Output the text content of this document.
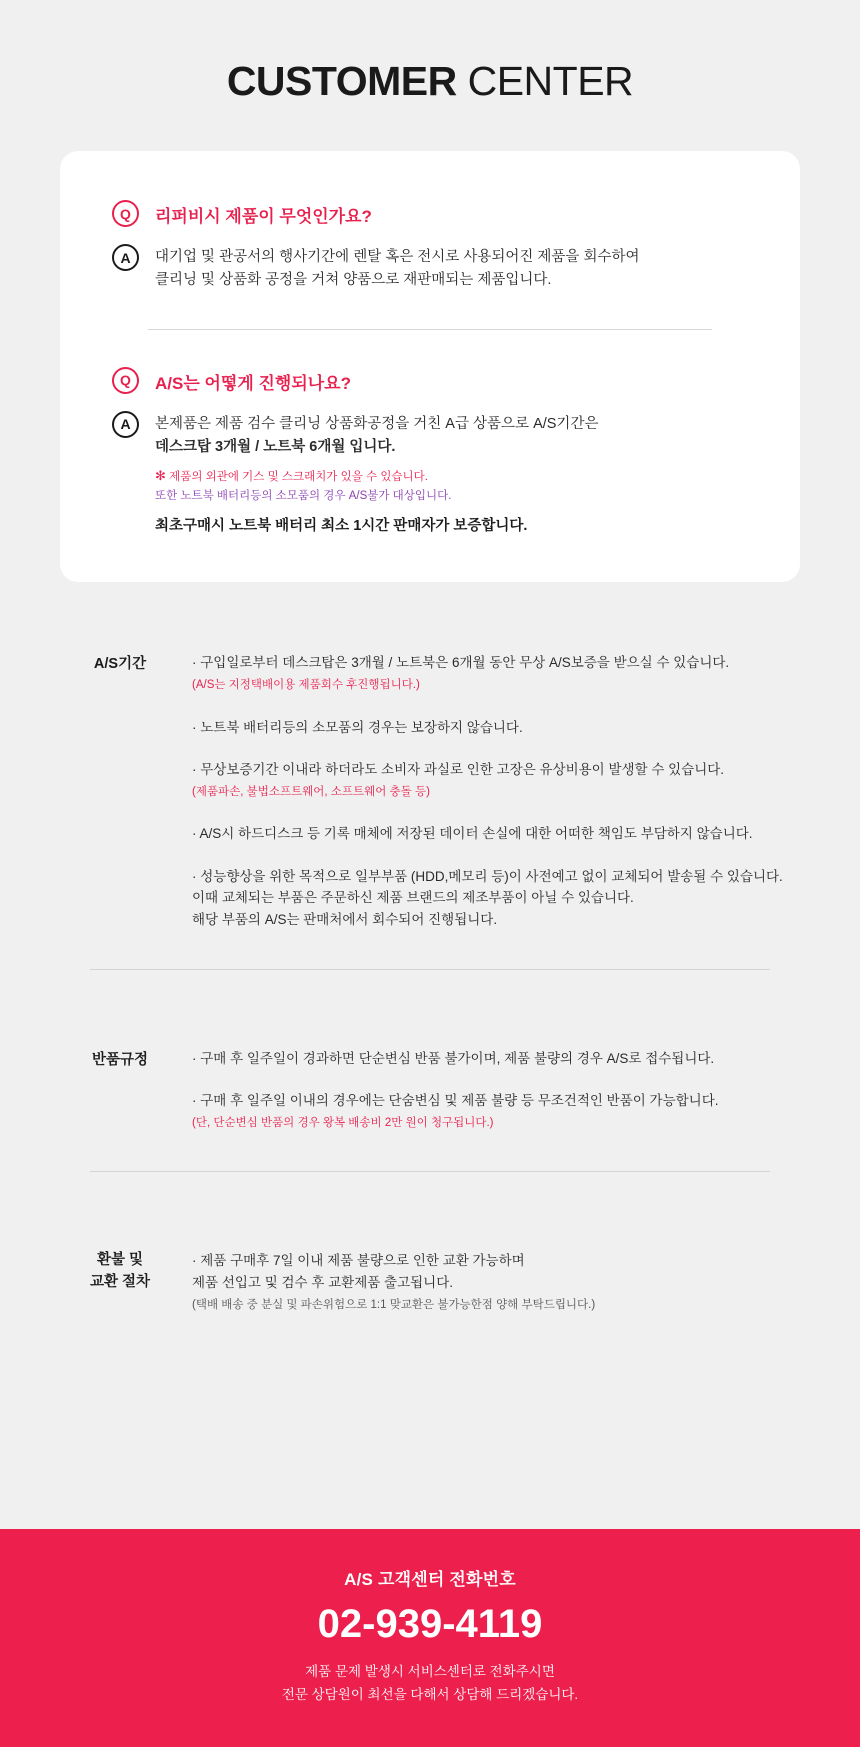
CUSTOMER CENTER
Q	리퍼비시 제품이 무엇인가요?
A	대기업 및 관공서의 행사기간에 렌탈 혹은 전시로 사용되어진 제품을 회수하여
클리닝 및 상품화 공정을 거쳐 양품으로 재판매되는 제품입니다.
Q	A/S는 어떻게 진행되나요?
A	본제품은 제품 검수 클리닝 상품화공정을 거친 A급 상품으로 A/S기간은
데스크탑 3개월 / 노트북 6개월 입니다.
✻ 제품의 외관에 기스 및 스크래치가 있을 수 있습니다.
또한 노트북 배터리등의 소모품의 경우 A/S불가 대상입니다.
최초구매시 노트북 배터리 최소 1시간 판매자가 보증합니다.
A/S기간	· 구입일로부터 데스크탑은 3개월 / 노트북은 6개월 동안 무상 A/S보증을 받으실 수 있습니다.
(A/S는 지정택배이용 제품회수 후진행됩니다.)
· 노트북 배터리등의 소모품의 경우는 보장하지 않습니다.
· 무상보증기간 이내라 하더라도 소비자 과실로 인한 고장은 유상비용이 발생할 수 있습니다.
(제품파손, 불법소프트웨어, 소프트웨어 충돌 등)
· A/S시 하드디스크 등 기록 매체에 저장된 데이터 손실에 대한 어떠한 책임도 부담하지 않습니다.
· 성능향상을 위한 목적으로 일부부품 (HDD,메모리 등)이 사전예고 없이 교체되어 발송될 수 있습니다.
이때 교체되는 부품은 주문하신 제품 브랜드의 제조부품이 아닐 수 있습니다.
해당 부품의 A/S는 판매처에서 회수되어 진행됩니다.
반품규정	· 구매 후 일주일이 경과하면 단순변심 반품 불가이며, 제품 불량의 경우 A/S로 접수됩니다.
· 구매 후 일주일 이내의 경우에는 단숨변심 및 제품 불량 등 무조건적인 반품이 가능합니다.
(단, 단순변심 반품의 경우 왕복 배송비 2만 원이 청구됩니다.)
환불 및
교환 절차
· 제품 구매후 7일 이내 제품 불량으로 인한 교환 가능하며
제품 선입고 및 검수 후 교환제품 출고됩니다.
(택배 배송 중 분실 및 파손위험으로 1:1 맞교환은 불가능한점 양해 부탁드립니다.)
A/S 고객센터 전화번호
02-939-4119
제품 문제 발생시 서비스센터로 전화주시면
전문 상담원이 최선을 다해서 상담해 드리겠습니다.
